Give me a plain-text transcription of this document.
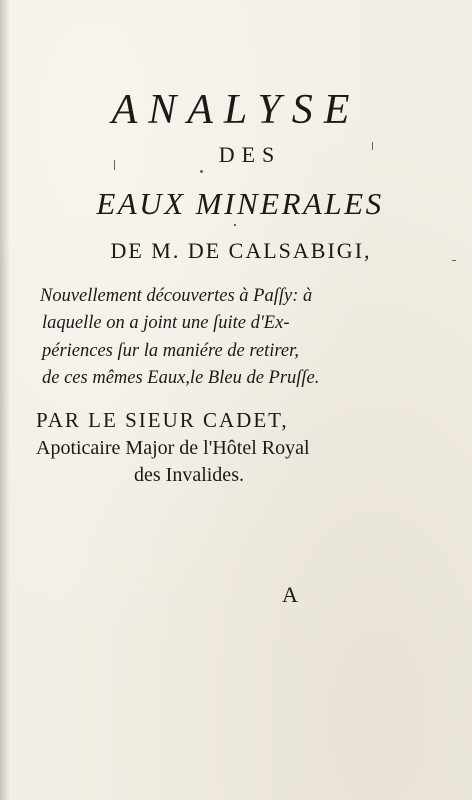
ANALYSE
DES
EAUX MINERALES
DE M. DE CALSABIGI,
Nouvellement découvertes à Paſſy: à
laquelle on a joint une ſuite d'Ex-
périences ſur la maniére de retirer,
de ces mêmes Eaux,le Bleu de Pruſſe.
PAR LE SIEUR CADET,
Apoticaire Major de l'Hôtel Royal
des Invalides.
A
